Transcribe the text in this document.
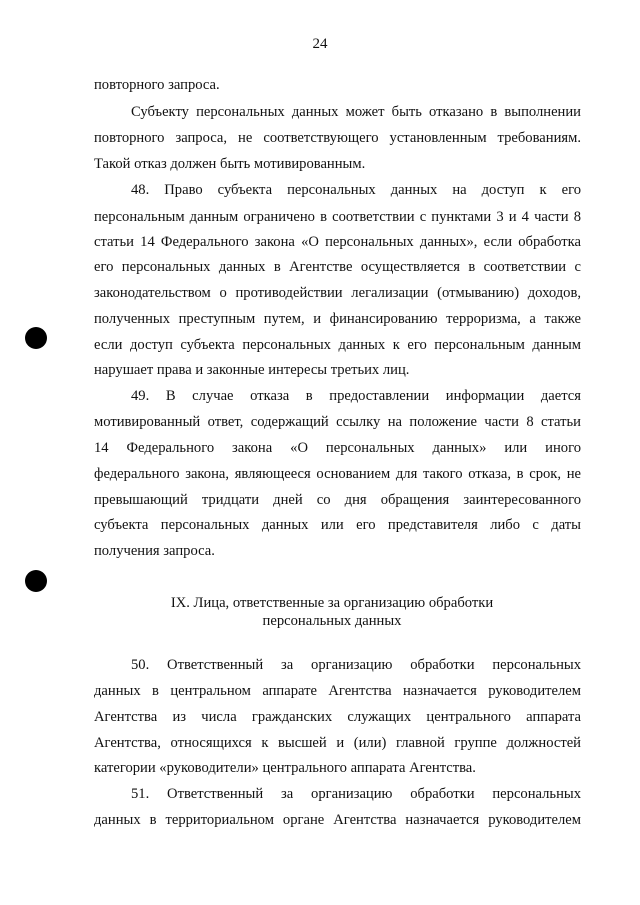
24
повторного запроса.
Субъекту персональных данных может быть отказано в выполнении
повторного запроса, не соответствующего установленным требованиям.
Такой отказ должен быть мотивированным.
48. Право субъекта персональных данных на доступ к его
персональным данным ограничено в соответствии с пунктами 3 и 4 части 8
статьи 14 Федерального закона «О персональных данных», если обработка
его персональных данных в Агентстве осуществляется в соответствии с
законодательством о противодействии легализации (отмыванию) доходов,
полученных преступным путем, и финансированию терроризма, а также
если доступ субъекта персональных данных к его персональным данным
нарушает права и законные интересы третьих лиц.
49. В случае отказа в предоставлении информации дается
мотивированный ответ, содержащий ссылку на положение части 8 статьи
14 Федерального закона «О персональных данных» или иного
федерального закона, являющееся основанием для такого отказа, в срок, не
превышающий тридцати дней со дня обращения заинтересованного
субъекта персональных данных или его представителя либо с даты
получения запроса.
IX. Лица, ответственные за организацию обработки
персональных данных
50. Ответственный за организацию обработки персональных
данных в центральном аппарате Агентства назначается руководителем
Агентства из числа гражданских служащих центрального аппарата
Агентства, относящихся к высшей и (или) главной группе должностей
категории «руководители» центрального аппарата Агентства.
51. Ответственный за организацию обработки персональных
данных в территориальном органе Агентства назначается руководителем
